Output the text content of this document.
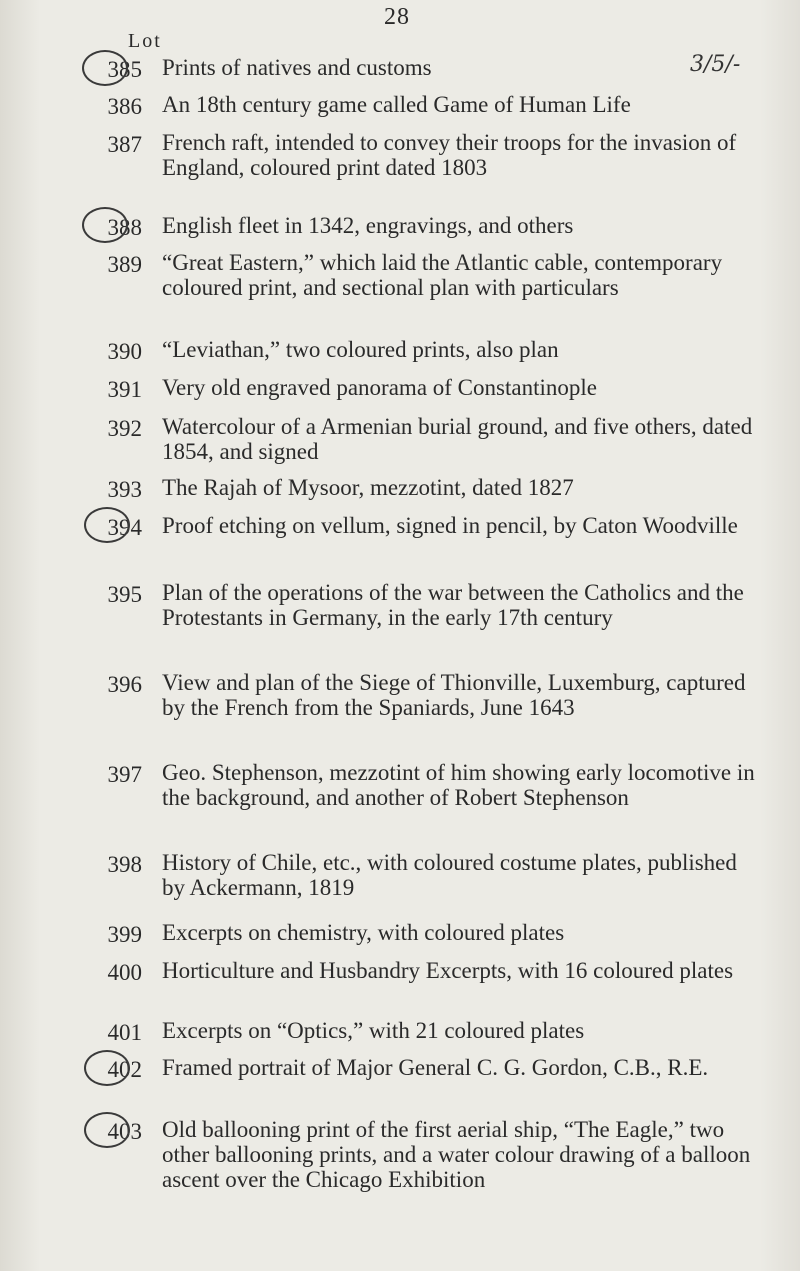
28
Lot
385 Prints of natives and customs
386 An 18th century game called Game of Human Life
387 French raft, intended to convey their troops for the invasion of England, coloured print dated 1803
388 English fleet in 1342, engravings, and others
389 “Great Eastern,” which laid the Atlantic cable, contemporary coloured print, and sectional plan with particulars
390 “Leviathan,” two coloured prints, also plan
391 Very old engraved panorama of Constantinople
392 Watercolour of a Armenian burial ground, and five others, dated 1854, and signed
393 The Rajah of Mysoor, mezzotint, dated 1827
394 Proof etching on vellum, signed in pencil, by Caton Woodville
395 Plan of the operations of the war between the Catholics and the Protestants in Germany, in the early 17th century
396 View and plan of the Siege of Thionville, Luxemburg, captured by the French from the Spaniards, June 1643
397 Geo. Stephenson, mezzotint of him showing early locomotive in the background, and another of Robert Stephenson
398 History of Chile, etc., with coloured costume plates, published by Ackermann, 1819
399 Excerpts on chemistry, with coloured plates
400 Horticulture and Husbandry Excerpts, with 16 coloured plates
401 Excerpts on “Optics,” with 21 coloured plates
402 Framed portrait of Major General C. G. Gordon, C.B., R.E.
403 Old ballooning print of the first aerial ship, “The Eagle,” two other ballooning prints, and a water colour drawing of a balloon ascent over the Chicago Exhibition
3/5/-
